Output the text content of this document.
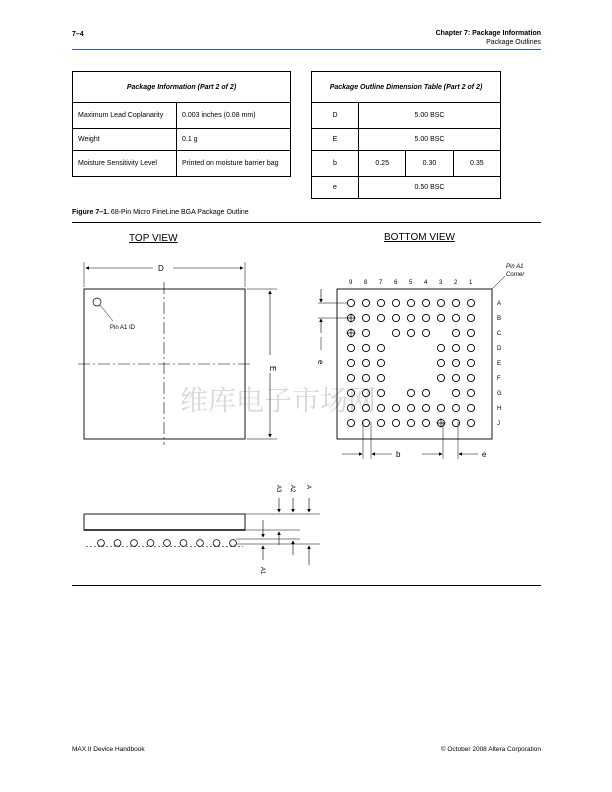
7–4	Chapter 7: Package Information
Package Outlines
Package Information (Part 2 of 2)	
Maximum Lead Coplanarity	0.003 inches (0.08 mm)
Weight	0.1 g
Moisture Sensitivity Level	Printed on moisture barrier bag
Package Outline Dimension Table (Part 2 of 2)			
D	5.00 BSC		
E	5.00 BSC		
b	0.25	0.30	0.35
e	0.50 BSC		
Figure 7–1. 68-Pin Micro FineLine BGA Package Outline
维库电子市场网
TOP VIEW	BOTTOM VIEW
Pin A1 ID
D
E
Pin A1
Corner
9 8 7 6 5 4 3 2 1
A
B
C
D
E
F
G
H
J
e
b	e
A
A2
A3
A1
MAX II Device Handbook	© October 2008 Altera Corporation
